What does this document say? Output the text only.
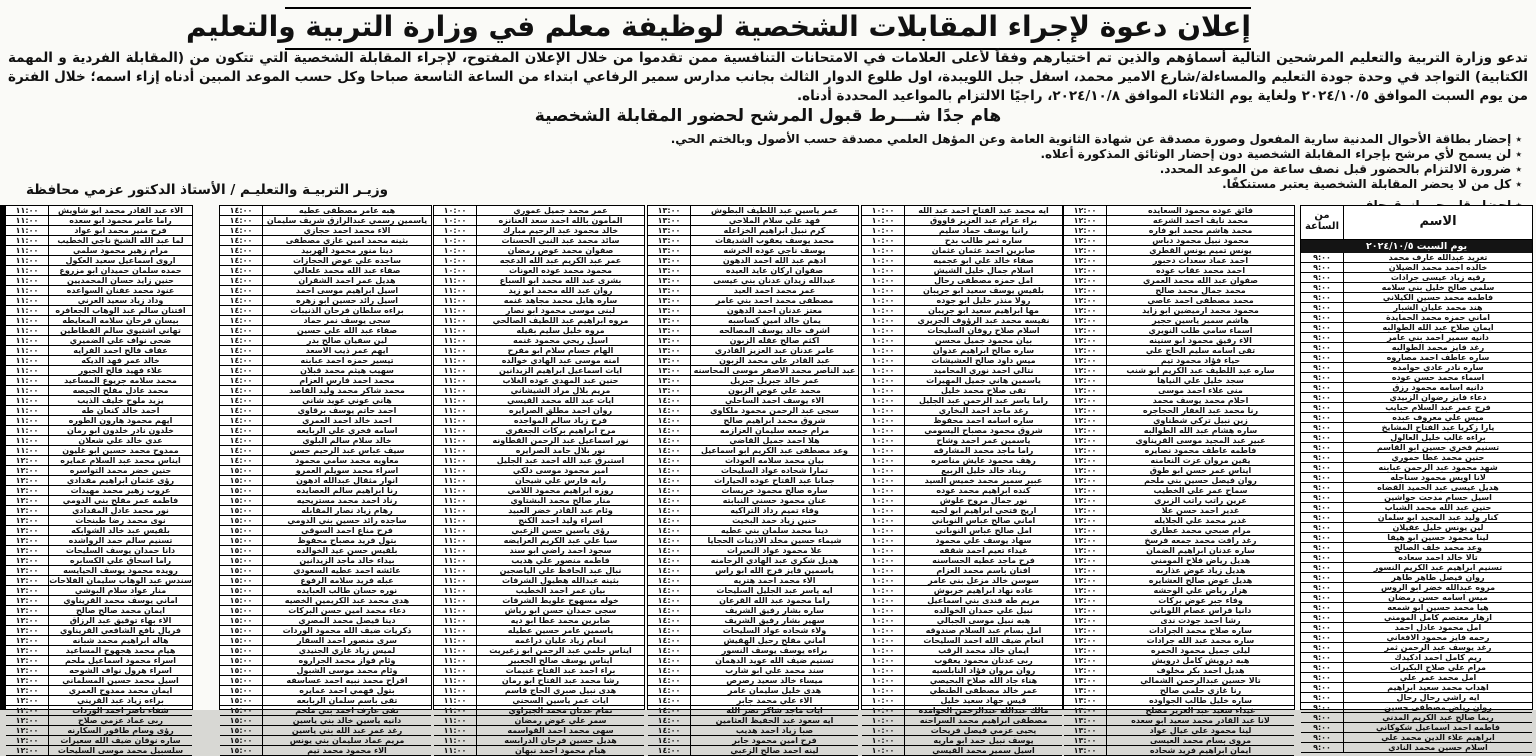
إعلان دعوة لإجراء المقابلات الشخصية لوظيفة معلم في وزارة التربية والتعليم
تدعو وزارة التربية والتعليم المرشحين التالية أسماؤهم والذين تم اختيارهم وفقاً لأعلى العلامات في الامتحانات التنافسية ممن تقدموا من خلال الإعلان المفتوح، لإجراء المقابلة الشخصية التي تتكون من (المقابلة الفردية و المهمة الكتابية) التواجد في وحدة جودة التعليم والمساءلة/شارع الامير محمد، اسفل جبل اللويبدة، اول طلوع الدوار الثالث بجانب مدارس سمير الرفاعي ابتداء من الساعة التاسعة صباحا وكل حسب الموعد المبين أدناه إزاء اسمه؛ خلال الفترة من يوم السبت الموافق ٢٠٢٤/١٠/٥ ولغاية يوم الثلاثاء الموافق ٢٠٢٤/١٠/٨، راجيًا الالتزام بالمواعيد المحددة أدناه.
هام جدًا شـــرط قبول المرشح لحضور المقابلة الشخصية
٭ إحضار بطاقة الأحوال المدنية سارية المفعول وصورة مصدقة عن شهادة الثانوية العامة وعن المؤهل العلمي مصدقة حسب الأصول وبالختم الحي.
٭ لن يسمح لأي مرشح بإجراء المقابلة الشخصية دون إحضار الوثائق المذكورة أعلاه.
٭ ضرورة الالتزام بالحضور قبل نصف ساعة من الموعد المحدد.
٭ كل من لا يحضر المقابلة الشخصية يعتبر مستنكفًا.
وزيـر التربيـة والتعليـم / الأستاذ الدكتور عزمي محافظة
الاسم
من الساعة
يوم السبت ٢٠٢٤/١٠/٥
تغريد عبدالله عارف محمد
٩:٠٠
خالده احمد محمد الضيلان
٩:٠٠
رقيه زياد عيسى جرادات
٩:٠٠
سلمى صالح خليل بني سلامه
٩:٠٠
فاطمه محمد حسين الكيلاني
٩:٠٠
هند محمد عليان الشبار
٩:٠٠
اماني حمزه محمد الحمايدة
٩:٠٠
ايمان صلاح عبد الله الطوالبه
٩:٠٠
دانيه سمير احمد بني عامر
٩:٠٠
رغد فايز محمد الطوالبه
٩:٠٠
ساره عاطف احمد مصاروه
٩:٠٠
ساره نادر عادي حوامده
٩:٠٠
اسماء محمد حسن عوده
٩:٠٠
دانيه اسامه محمود رزق
٩:٠٠
دعاء فايز رضوان الزبيدي
٩:٠٠
فرح عمر عبد السلام حبايب
٩:٠٠
ميس علي معروف عبده
٩:٠٠
يارا زكريا عبد الفتاح المشايخ
٩:٠٠
براءه غالب خليل العالول
٩:٠٠
تسنيم فخري حسين ابو القاسم
٩:٠٠
حنين محمد عطا حموري
٩:٠٠
شهد محمود عبد الرحمن عبابنه
٩:٠٠
لانا اويس محمود سناجله
٩:٠٠
هديل عيسى عبد الحميد القضاه
٩:٠٠
اسيل حسام مدحت حواشين
٩:٠٠
حنين عبد الله محمد الشباب
٩:٠٠
كنار وليد عبد المجيد ابو سلمان
٩:٠٠
لين يونس خليل عقيلان
٩:٠٠
لينا محمود حسين ابو هيفا
٩:٠٠
وعد محمد خلف الصالح
٩:٠٠
تالا خالد احمد سعاده
٩:٠٠
تسنيم ابراهيم عبد الكريم النسور
٩:٠٠
روان فيصل طاهر طاهر
٩:٠٠
مروه عبدالله خضر ابو الروس
٩:٠٠
ميس اسامه حسن رمضان
٩:٠٠
هيا محمد حسين ابو شمعه
٩:٠٠
ازهار معتصم كامل المومني
٩:٠٠
امل محمود عادل احمد
٩:٠٠
رحمه فايز محمود الافغاني
٩:٠٠
رغد يوسف عبد الرحمن ثمر
٩:٠٠
ريم كامل احمد ادكيدك
٩:٠٠
مرام علي صلاح البكيرات
٩:٠٠
امل محمد عمر علي
٩:٠٠
اهداب محمد سعيد ابراهيم
٩:٠٠
ايه راشي رحال رحال
٩:٠٠
روان رياض مصطفى حسين
٩:٠٠
ريما صالح عبد الكريم المدني
٩:٠٠
فاطمه احمد اسماعيل شكوكاني
٩:٠٠
ابراهيم علاء الدين محمد علي
٩:٠٠
اسلام حسين محمد النادي
٩:٠٠
فائق عوده محمود السعايده
١٢:٠٠
محمد نايف احمد الشرعه
١٢:٠٠
محمد هاشم محمد ابو فاره
١٢:٠٠
محمود نبيل محمود دباس
١٢:٠٠
يونس تميم يونس القطري
١٢:٠٠
احمد عماد سعدات دحبور
١٢:٠٠
احمد محمد عقاب عوده
١٢:٠٠
صفوان عبد الله محمد العمري
١٢:٠٠
محمد جمال محمد صالح
١٢:٠٠
محمد مصطفى احمد عاصي
١٢:٠٠
محمود محمد ارميضين ابو زايد
١٢:٠٠
هاشم سمير ياسين حجير
١٢:٠٠
اسماء سامي طلب النويري
١٢:٠٠
الاء رفيق محمود ابو سنينه
١٢:٠٠
تقى اسامه سليم الحاج علي
١٢:٠٠
حياء فؤاد محمود تيم
١٢:٠٠
ساره عبد اللطيف عبد الكريم ابو شنب
١٢:٠٠
سجد خليل علي النياها
١٢:٠٠
منى علاء احمد موسى
١٢:٠٠
احلام محمد يوسف محمد
١٢:٠٠
رنا محمد عبد الغفار الحجاجره
١٢:٠٠
زين نبيل تركي شطناوي
١٢:٠٠
ساره هشام عبد الله الطوالبه
١٢:٠٠
عبير عبد المجيد موسى القريناوي
١٢:٠٠
فاطمه عاطف محمود نصايره
١٢:٠٠
يقين مروان عزت النعامنه
١٢:٠٠
ايناس عمر حسن ابو طوق
١٢:٠٠
روان فيصل حسين بني ملحم
١٢:٠٠
سماح عمر علي الخطيب
١٢:٠٠
عرين راتب راتب الزبري
١٢:٠٠
غدير احمد حسن علا
١٢:٠٠
غدير محمد علي الجلايله
١٢:٠٠
مرام صبحي محمد عطاري
١٢:٠٠
رغد رافت محمد جمعه فرسخ
١٢:٠٠
ساره عدنان ابراهيم الضمان
١٢:٠٠
هديل رياض فلاح المومني
١٢:٠٠
هديل زياد عوض عذاربه
١٢:٠٠
هديل عوض صالح العشايره
١٢:٠٠
هزار رياض علي الوحشه
١٢:٠٠
وفاء جبر عوض بركات
١٢:٠٠
دانيا فراس عصام اللوباني
١٢:٠٠
رشا احمد جودت ندى
١٢:٠٠
ساره صلاح محمد الجرادات
١٢:٠٠
ساره محمد عبد الله جرادات
١٢:٠٠
ليلى جميل محمود الحمره
١٢:٠٠
هبه درويش كامل درويش
١٢:٠٠
هديل احمد بكر مخلوف
١٢:٠٠
تالا حسين عبدالرحمن الشمالي
١٣:٠٠
رنا غازي حلمي صالح
١٣:٠٠
ساره خليل طالب الجواوده
١٣:٠٠
غيداء سعيد عبد العزيز مصلح
١٣:٠٠
لانا عبد القادر محمد سعيد ابو سعده
١٣:٠٠
لينا محمود علي عيال عواد
١٣:٠٠
مروى بسام محمد العيسى
١٣:٠٠
ايمان ابراهيم فريد شحاده
١٣:٠٠
ايه محمد عبد الفتاح احمد عبد الله
١٠:٠٠
براء عزام عبد العزيز قاووق
١٠:٠٠
رانيا يوسف حماد سليم
١٠:٠٠
ساره ثمر طالب بدح
١٠:٠٠
صابرين احمد عثمان عثمان
١٠:٠٠
صفاء خالد علي ابو عجميه
١٠:٠٠
اسلام جمال خليل الشيش
١٠:٠٠
امل حمزه مصطفى رحال
١٠:٠٠
بلقيس يوسف سعيد ابو جريبان
١٠:٠٠
رولا منذر خليل ابو جوده
١٠:٠٠
مها ابراهيم سعيد ابو جريبان
١٠:٠٠
نفيسه محمد عبد الرؤوف الجريري
١٠:٠٠
اسلام صلاح روفان السليحات
١٠:٠٠
بيان محمود جميل محسن
١٠:٠٠
ساره صالح ابراهيم عدوان
١٠:٠٠
ميس داود صالح العشيشات
١٠:٠٠
نتالي احمد نوري المحاميد
١٠:٠٠
ياسمين هاني جميل المهيرات
١٠:٠٠
تقى صلاح محمد خليل
١٠:٠٠
راما ياسر عبد الرحمن عبد الجليل
١٠:٠٠
رغد ماجد احمد البخاري
١٠:٠٠
ساره اسامه احمد محفوظ
١٠:٠٠
شروق محمود مصباح اليسومي
١٠:٠٠
ياسمين عمر احمد وشاح
١٠:٠٠
راما ماجد محمد المشارقه
١٠:٠٠
رهف محمود عايش مناصره
١٠:٠٠
ريناد خالد خليل الربيع
١٠:٠٠
عبير سمير محمد خميس السيد
١٠:٠٠
كنده ابراهيم محمد عوده
١٠:٠٠
نور جمال مروح علوش
١٠:٠٠
اريج فتحي ابراهيم ابو لحيه
١٠:٠٠
اماني صالح عباس النوباني
١٠:٠٠
امل صالح عباس النوباني
١٠:٠٠
سهاد يوسف علي محمود
١٠:٠٠
غيداء تعيم احمد شقفه
١٠:٠٠
فرح ماجد عطيه الحساسنه
١٠:٠٠
افنان باسم محمد العزام
١٠:٠٠
سوسن خالد مزعل بني عامر
١٠:٠٠
غاده نهاد ابراهيم خربوش
١٠:٠٠
مريم طه فندى بني اسماعيل
١٠:٠٠
نبيل علي حمدان الخوالده
١٠:٠٠
هبه نبيل موسى الجبالي
١٠:٠٠
امل بسام عبد السلام صندوقه
١٠:٠٠
انعام ضيف الله احمد السليحات
١٠:٠٠
ايمان خالد محمد الرقب
١٠:٠٠
ربى عدنان محمود يعقوب
١٠:٠٠
روان مروان فؤاد النابلسيه
١٠:٠٠
هناء جاد الله صلاح البحيصي
١٠:٠٠
عمر خالد مصطفى الطنطي
١٠:٠٠
قيس جهاد سعيد خليل
١٠:٠٠
مالك عبدالله عبدالرحمن الحوامده
١٠:٠٠
مصطفى ابراهيم محمد السراحنه
١٠:٠٠
يحيى عزمي فيصل فريحات
١٠:٠٠
يوسف نبيل حمد ابو ماريه
١٠:٠٠
اسيل سمير محمد القيسي
١٠:٠٠
عمر ياسين عبد اللطيف البطوش
١٣:٠٠
فهد علي سلام الملاحي
١٣:٠٠
كرم نبيل ابراهيم الخزاعله
١٣:٠٠
محمد يوسف يعقوب الشديفات
١٣:٠٠
يوسف ناجي عوده الخرشه
١٣:٠٠
ادهم عبد الله احمد الدهون
١٣:٠٠
صفوان اركان عايد العيده
١٣:٠٠
عبدالله زيدان عدنان بني عيسى
١٣:٠٠
عمر محمد احمد العيد
١٣:٠٠
مصطفى محمد احمد بني عامر
١٣:٠٠
معتز عدنان احمد الدهون
١٣:٠٠
يمان خالد امين كساسبه
١٣:٠٠
اشرف خالد يوسف المصالحه
١٣:٠٠
اكثم صالح عقله الزبون
١٣:٠٠
عامر عدنان عبد العزيز القادري
١٣:٠٠
عبد القادر علي محمد الزبون
١٣:٠٠
عبد الناصر محمد الاصفر موسى المحاسنه
١٣:٠٠
عمر خالد جبريل جبريل
١٣:٠٠
محمد علي عوض الزبون
١٣:٠٠
الاء يوسف احمد الساحلي
١٤:٠٠
سجى عبد الرحمن محمود ملكاوي
١٤:٠٠
شروق محمد ابراهيم صالح
١٤:٠٠
مرام جمعه سليمان العزازمه
١٤:٠٠
هلا احمد جميل القاضي
١٤:٠٠
وعد مصطفى عبد الكريم ابو اسماعيل
١٤:٠٠
بيان محمد سلامه العودات
١٤:٠٠
تمارا شحاده عواد السليحات
١٤:٠٠
جمانا عبد الفتاح عوده الحيارات
١٤:٠٠
ساره صالح محمود خريسات
١٤:٠٠
عنان محمود حسني النبابته
١٤:٠٠
وفاء تميم رداد التراكيه
١٤:٠٠
حنين زياد حمد البخيت
١٤:٠٠
دينا محمد سلمان بني عطيه
١٤:٠٠
شيماء حسين مخلد الاذينات الحجايا
١٤:٠٠
علا محمود عواد النعيرات
١٤:٠٠
هديل شكري عبد الهادي الرحامنه
١٤:٠٠
ياسمين فايز فرج الله ابو راس
١٤:٠٠
الاء محمد احمد هتريه
١٤:٠٠
ايه ياسر عبد الجليل السليحات
١٤:٠٠
راما محمود عبد الله القرعان
١٤:٠٠
ساره بشار رفيق الشريف
١٤:٠٠
سهير بشار رفيق الشريف
١٤:٠٠
ولاء شحاده عواد السليحات
١٤:٠٠
اماني مفلح رحيل الهقيش
١٤:٠٠
براءه يوسف يوسف النسور
١٤:٠٠
تسنيم ضيف الله عويد الدهمان
١٤:٠٠
سند محمد علي ابو شارب
١٤:٠٠
ميساء خالد سعيد رصرص
١٤:٠٠
هدى خليل سليمان عامر
١٤:٠٠
الاء علي محمد جابر
١٤:٠٠
ايات ماجد شاكر نصر الله
١٤:٠٠
ايه سعود عبد الحفيظ العثامين
١٤:٠٠
صبا زياد احمد هديب
١٤:٠٠
فرح امين محمود جابر
١٤:٠٠
لينه احمد صالح الزعبي
١٤:٠٠
عمر محمد جميل عموري
١٠:٠٠
المأمون بالله احمد سعد العنانزه
١٠:٠٠
خالد محمود عبد الرحيم مبارك
١٠:٠٠
سائد محمد عبد النبي الحسنات
١٠:٠٠
صفوان محمد عوض رمضان
١٠:٠٠
عمر عبد الكريم عبد الله الدعجه
١٠:٠٠
محمود محمد عوده العونات
١٠:٠٠
بشرى عبد الله محمد ابو السباع
١١:٠٠
روان عبد الله محمد ابو زيد
١١:٠٠
ساره هايل محمد مجاهد غنمه
١١:٠٠
لبنى موسى محمود ابو نصار
١١:٠٠
مروه ابراهيم عبد اللطيف الصالحي
١١:٠٠
مروه خليل سليم بقيله
١١:٠٠
اسيل ريحي محمود غنمه
١١:٠٠
الهام حسام سلام ابو مفرح
١١:٠٠
امنه موسى عبد الهادي خوالده
١١:٠٠
ايات اسماعيل ابراهيم الزيدانين
١١:٠٠
حنين عبد المهدي عوده الغلاب
١١:٠٠
مريم بلال مراد الشيشاني
١١:٠٠
ايات عبد الله محمد القيسي
١١:٠٠
روان احمد مطلق الصرايره
١١:٠٠
فرح زياد سالم المواجده
١١:٠٠
مرح ابراهيم بركات الجعفري
١١:٠٠
نور اسماعيل عبد الرحمن القطاونه
١١:٠٠
نور بلال حامد الصرايره
١١:٠٠
استبرق عبد الله احمد عبد الجليل
١١:٠٠
امير محمود موسى دلكي
١١:٠٠
رايه فارس علي شيحان
١١:٠٠
روزه ابراهيم محمود اللامي
١١:٠٠
منار صالح محمد البشتاوي
١١:٠٠
وئام عبد القادر خضر العبيد
١١:٠٠
اسراء وليد احمد الكنج
١١:٠٠
رؤى ياسين حسن الزعبي
١١:٠٠
سبا علي عبد الكريم العرايضه
١١:٠٠
سجود احمد راضي ابو سند
١١:٠٠
فاطمه منصور علي هديب
١١:٠٠
نبال عبد الحافظ علي الياصجين
١١:٠٠
بثينه عبدالله هطيول الشرفات
١١:٠٠
بيان عمر احمد الخطيب
١١:٠٠
خوله مسهوج علويط الشرفات
١١:٠٠
سجى حمدان حسن ابو رياش
١١:٠٠
صابرين محمد عطا ابو ديه
١١:٠٠
ياسمين عامر حسين عطيله
١١:٠٠
انغام زياد عليان دراغمه
١١:٠٠
ايناس حلمي عبد الرحمن ابو زغيريت
١١:٠٠
ايناس يوسف صالح الجعبير
١١:٠٠
براء احمد عبد الفتاح غنيمات
١١:٠٠
رشا محمد عبد الفتاح ابو رمان
١١:٠٠
هدى نبيل صبري الحاج قاسم
١١:٠٠
ايات عمر ياسين السحني
١١:٠٠
تمام عدنان محمد الجيزاوي
١١:٠٠
سمر علي عوض رمضان
١١:٠٠
سهى محمد احمد القواسمه
١١:٠٠
هديل حسين فرحان الدرابسه
١١:٠٠
هيام محمود احمد نبهان
١١:٠٠
هبه عامر مصطفى عطيه
١٤:٠٠
ياسمين رسمي عبدالرازق شريف سليمان
١٤:٠٠
الاء محمد احمد حجازي
١٤:٠٠
بثينه محمد امين غازي مصطفى
١٤:٠٠
دينا منور محمود الهربيد
١٤:٠٠
ساجده علي عوض الحجازات
١٤:٠٠
صفاء عبد الله محمد علعالي
١٤:٠٠
هديل عمر احمد الشقران
١٤:٠٠
اسيل ابراهيم موسى احمد
١٤:٠٠
اسيل رائد حسين ابو زهره
١٤:٠٠
براءه سلطان فرحان الذنيبات
١٤:٠٠
سجى يوسف نمر حماد
١٤:٠٠
صفاء عبد الله علي حسين
١٤:٠٠
لين سفيان صالح بدر
١٤:٠٠
ايهم عمر ذيب الاسعد
١٤:٠٠
تيسير حمزه احمد عبابنه
١٤:٠٠
سهيب هيثم محمد قبلان
١٤:٠٠
محمد احمد فارس العزام
١٤:٠٠
محمد شاكر محمد وليد القاصد
١٤:٠٠
هاني عوني عويد شاني
١٤:٠٠
احمد حاتم يوسف برقاوي
١٤:٠٠
احمد خالد احمد العمري
١٤:٠٠
اسامه فخري علي الربايعه
١٤:٠٠
خالد سلام سالم البلوي
١٤:٠٠
سيف عباس عبد الرحيم حسن
١٤:٠٠
معاويه محمد سامي محمود
١٤:٠٠
اسراء محمد سويلم العمرو
١٥:٠٠
انوار مثقال عبدالله ادهون
١٥:٠٠
رنا ابراهيم سالم العصايده
١٥:٠٠
رناد احمد محمد مستريحيه
١٥:٠٠
رهام زياد نصار المقابله
١٥:٠٠
ساجده رائد حسين بني الدومي
١٥:٠٠
فرح مناع احمد السوقي
١٥:٠٠
بتول فريد مصباح محفوظ
١٥:٠٠
بلقيس حسن عيد الخوالده
١٥:٠٠
بيداء خالد ماجد الزيدانين
١٥:٠٠
عائشه احمد عطيه السعودي
١٥:٠٠
عبله فريد سلامه الرفوع
١٥:٠٠
نوره حسان طالب العبايده
١٥:٠٠
هدى محمد عبد الكريمين الخصيه
١٥:٠٠
دعاء محمد امين حسن البركات
١٥:٠٠
دينا فيصل محمد المصري
١٥:٠٠
ذكريات ضيف الله محمود الوردات
١٥:٠٠
سرى منصور احمد السقار
١٥:٠٠
لميس زياد غازي الجنيدي
١٥:٠٠
وئام فواز محمد الجراروه
١٥:٠٠
وئام محمد موسى الشبول
١٥:٠٠
افراح محمد نبيه احمد عساسفه
١٥:٠٠
بتول فهمي احمد عمايره
١٥:٠٠
تقى باسم سلمان الربابعه
١٥:٠٠
تقى عارف احمد بني ملحم
١٥:٠٠
دانيه ياسين خالد بني ياسين
١٥:٠٠
رغد عمر عبد الله بني ياسين
١٥:٠٠
مريم عماد سليمان بني يونس
١٥:٠٠
الاء محمود محمد تيم
١٥:٠٠
الاء عبد القادر محمد ابو شاويش
١١:٠٠
راما عامر محمود ابو سعده
١١:٠٠
فرح منير محمد ابو عواد
١١:٠٠
لما عبد الله الشيخ ناجي الخطيب
١١:٠٠
مرام زهير محمود سلمي
١١:٠٠
اروى اسماعيل سعيد العكول
١١:٠٠
حمده سلمان حميدان ابو مزروع
١١:٠٠
حنين زايد حسان المحمديين
١١:٠٠
عنود محمد عفنان السواعده
١١:٠٠
وداد زياد سعيد العرني
١١:٠٠
افتنان سالم عبد الوهاب الجعافره
١١:٠٠
بيسان فرحان سلامه المعايطه
١١:٠٠
تهاني اشتيوي سالم القطاطين
١١:٠٠
ضحى نواف علي الضميري
١١:٠٠
عفاف فالح احمد الفرايه
١١:٠٠
خالد عمر فهد الديكه
١١:٠٠
علاء فهيد فالح الجبور
١١:٠٠
محمد سلامه جريوع المساعيد
١١:٠٠
محمد عادل مفلح الجيصه
١١:٠٠
يزيد ملوح خليف الذيب
١١:٠٠
احمد خالد كنعان طه
١١:٠٠
ايهم محمود هارون الطوره
١١:٠٠
خلدون نادر خلدون ابو رمان
١١:٠٠
عدي خالد علي شعلان
١١:٠٠
ممدوح محمد حسين ابو غليون
١١:٠٠
ايناس محمد عبد السلام عمايره
١٢:٠٠
حنين خضر محمد التواسره
١٢:٠٠
رؤى عثمان ابراهيم مقدادي
١٢:٠٠
عروب زهير محمد مهيدات
١٢:٠٠
فاطمه عمر مفلح بني الدومي
١٢:٠٠
نور محمد عادل المقدادي
١٢:٠٠
نوى محمد رضا طبنجات
١٢:٠٠
بلقيس عبد خالد الشوابكه
١٢:٠٠
تسنيم سالم حمد الرواشده
١٢:٠٠
دانا حمدان يوسف السليحات
١٢:٠٠
راما اسحاق علي الكسابره
١٢:٠٠
رويده محمود يوسف الحيايسه
١٢:٠٠
سندس عبد الوهاب سليمان الفلاحات
١٢:٠٠
منار عواد سلام البوشي
١٢:٠٠
اماني يوسف محمد القريناوي
١٢:٠٠
ايمان محمد صالح صالح
١٢:٠٠
الاء بهاء توفيق عبد الرزاق
١٢:٠٠
فريال نافع الشافعي القريناوي
١٢:٠٠
هاله ابراهيم محمد شبانه
١٢:٠٠
هيام محمد هجهوج المساعيد
١٢:٠٠
اسراء محمود اسماعيل ملحم
١٢:٠٠
اسراء هرول نواف الشوحه
١٢:٠٠
اسيل محمد حسين المسلماني
١٢:٠٠
ايمان محمد ممدوح العمري
١٢:٠٠
براءه زياد عبد القريني
١٢:٠٠
شفاء ناصر احمد الوردات
١٢:٠٠
ربى عماد عزمي صلاح
١٢:٠٠
رؤى وسام طاقور السكارنه
١٢:٠٠
ساره نوفان ضيف الله سعيرات
١٢:٠٠
سلسبيل محمد موسى السليحات
١٢:٠٠
